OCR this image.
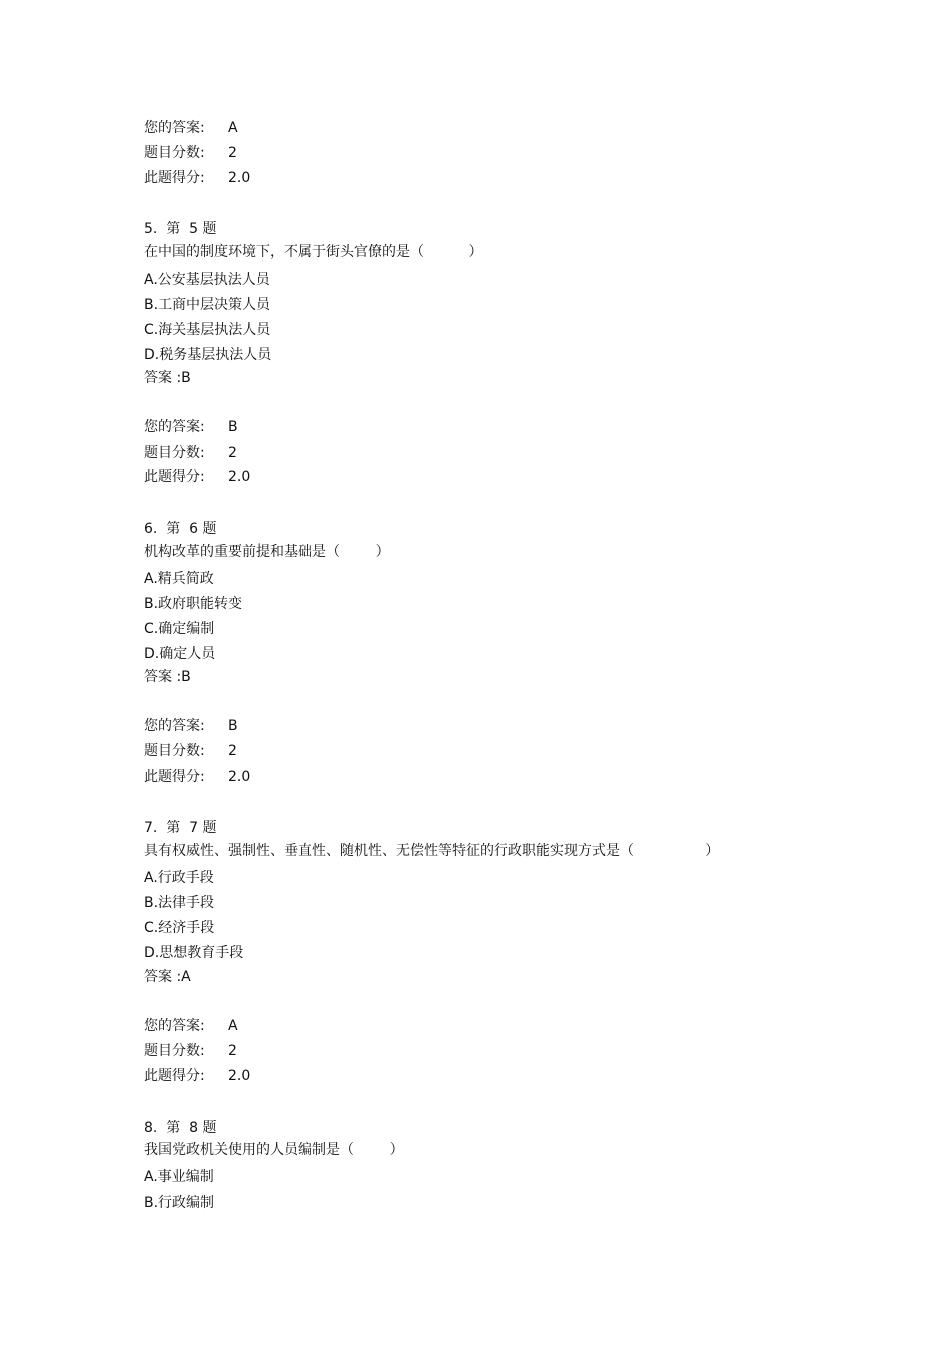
您的答案: A
题目分数: 2
此题得分: 2.0
5.  第  5 题
在中国的制度环境下，不属于街头官僚的是（          ）
A.公安基层执法人员
B.工商中层决策人员
C.海关基层执法人员
D.税务基层执法人员
答案 :B
您的答案: B
题目分数: 2
此题得分: 2.0
6.  第  6 题
机构改革的重要前提和基础是（        ）
A.精兵简政
B.政府职能转变
C.确定编制
D.确定人员
答案 :B
您的答案: B
题目分数: 2
此题得分: 2.0
7.  第  7 题
具有权威性、强制性、垂直性、随机性、无偿性等特征的行政职能实现方式是（                ）
A.行政手段
B.法律手段
C.经济手段
D.思想教育手段
答案 :A
您的答案: A
题目分数: 2
此题得分: 2.0
8.  第  8 题
我国党政机关使用的人员编制是（        ）
A.事业编制
B.行政编制
